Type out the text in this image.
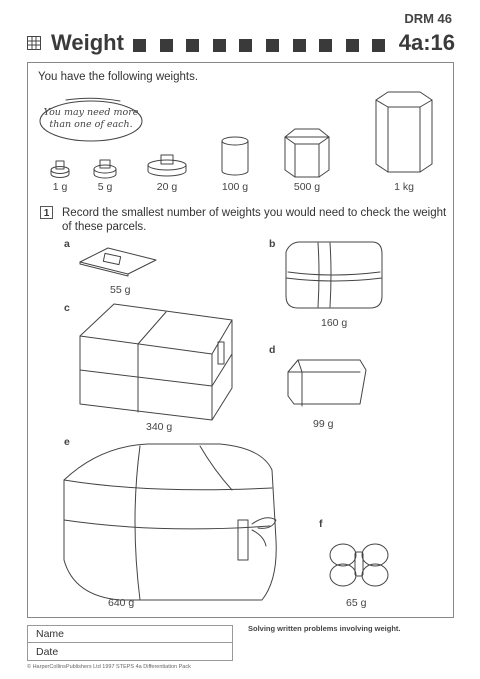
DRM 46
Weight	4a:16
You have the following weights.
You may need more
than one of each.
1 g	5 g	20 g	100 g	500 g	1 kg
1	Record the smallest number of weights you would need to check the weight of these parcels.
a
55 g
b
160 g
c
340 g
d
99 g
e
640 g
f
65 g
Name
Date
Solving written problems involving weight.
© HarperCollinsPublishers Ltd 1997 STEPS 4a Differentiation Pack
